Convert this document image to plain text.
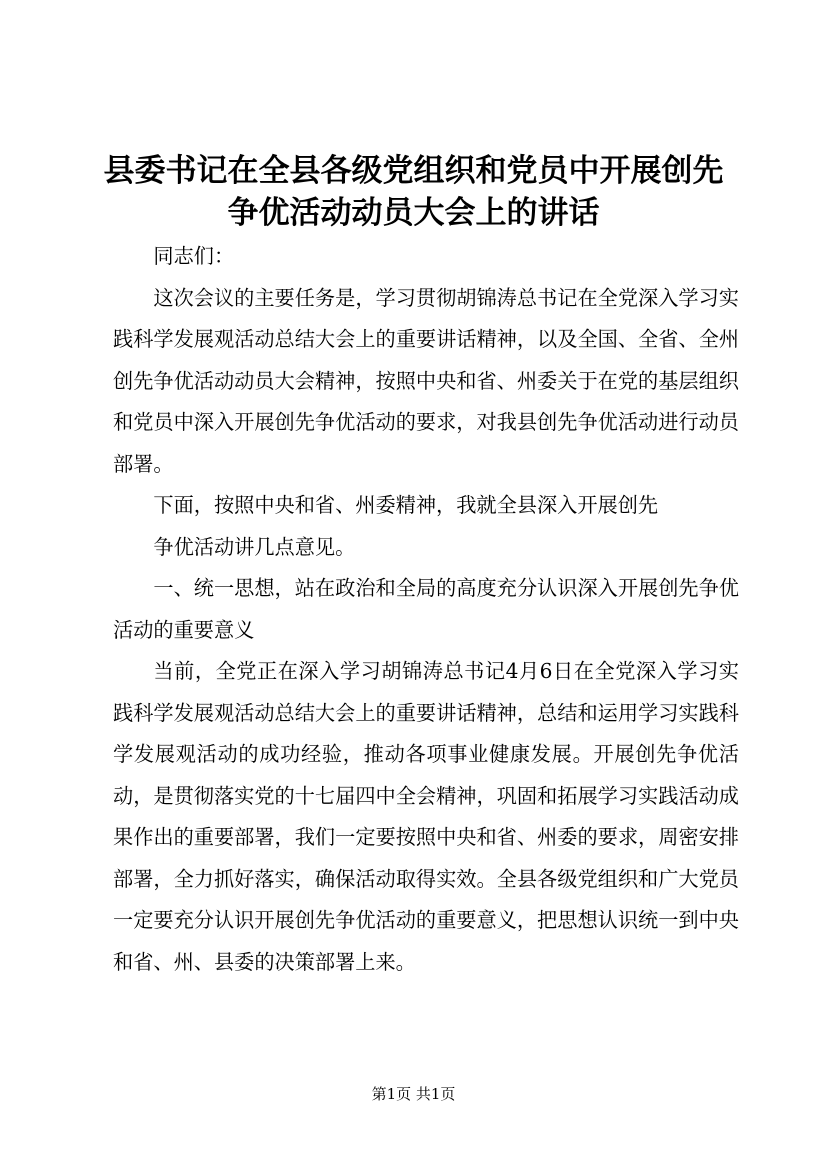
县委书记在全县各级党组织和党员中开展创先争优活动动员大会上的讲话

同志们：

这次会议的主要任务是，学习贯彻胡锦涛总书记在全党深入学习实践科学发展观活动总结大会上的重要讲话精神，以及全国、全省、全州创先争优活动动员大会精神，按照中央和省、州委关于在党的基层组织和党员中深入开展创先争优活动的要求，对我县创先争优活动进行动员部署。

下面，按照中央和省、州委精神，我就全县深入开展创先

争优活动讲几点意见。

一、统一思想，站在政治和全局的高度充分认识深入开展创先争优活动的重要意义

当前，全党正在深入学习胡锦涛总书记4月6日在全党深入学习实践科学发展观活动总结大会上的重要讲话精神，总结和运用学习实践科学发展观活动的成功经验，推动各项事业健康发展。开展创先争优活动，是贯彻落实党的十七届四中全会精神，巩固和拓展学习实践活动成果作出的重要部署，我们一定要按照中央和省、州委的要求，周密安排部署，全力抓好落实，确保活动取得实效。全县各级党组织和广大党员一定要充分认识开展创先争优活动的重要意义，把思想认识统一到中央和省、州、县委的决策部署上来。

第1页 共1页
